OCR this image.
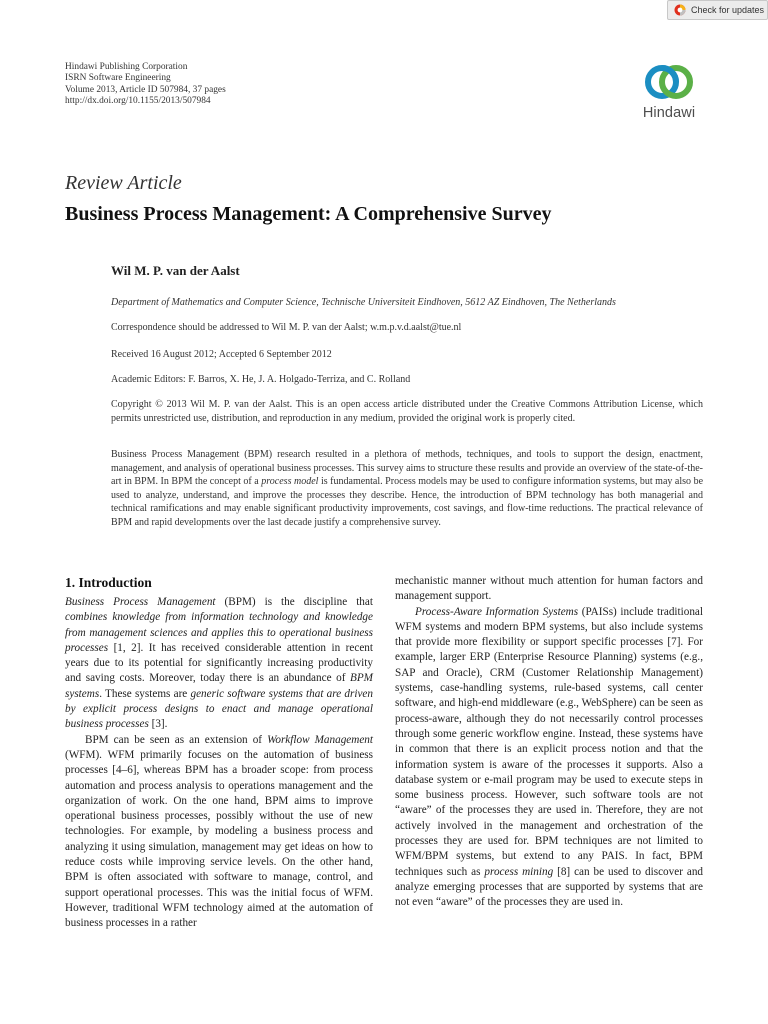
Check for updates
Hindawi Publishing Corporation
ISRN Software Engineering
Volume 2013, Article ID 507984, 37 pages
http://dx.doi.org/10.1155/2013/507984
Hindawi
Review Article
Business Process Management: A Comprehensive Survey
Wil M. P. van der Aalst
Department of Mathematics and Computer Science, Technische Universiteit Eindhoven, 5612 AZ Eindhoven, The Netherlands
Correspondence should be addressed to Wil M. P. van der Aalst; w.m.p.v.d.aalst@tue.nl
Received 16 August 2012; Accepted 6 September 2012
Academic Editors: F. Barros, X. He, J. A. Holgado-Terriza, and C. Rolland
Copyright © 2013 Wil M. P. van der Aalst. This is an open access article distributed under the Creative Commons Attribution License, which permits unrestricted use, distribution, and reproduction in any medium, provided the original work is properly cited.
Business Process Management (BPM) research resulted in a plethora of methods, techniques, and tools to support the design, enactment, management, and analysis of operational business processes. This survey aims to structure these results and provide an overview of the state-of-the-art in BPM. In BPM the concept of a process model is fundamental. Process models may be used to configure information systems, but may also be used to analyze, understand, and improve the processes they describe. Hence, the introduction of BPM technology has both managerial and technical ramifications and may enable significant productivity improvements, cost savings, and flow-time reductions. The practical relevance of BPM and rapid developments over the last decade justify a comprehensive survey.
1. Introduction

Business Process Management (BPM) is the discipline that combines knowledge from information technology and knowledge from management sciences and applies this to operational business processes [1, 2]. It has received considerable attention in recent years due to its potential for significantly increasing productivity and saving costs. Moreover, today there is an abundance of BPM systems. These systems are generic software systems that are driven by explicit process designs to enact and manage operational business processes [3].

BPM can be seen as an extension of Workflow Management (WFM). WFM primarily focuses on the automation of business processes [4–6], whereas BPM has a broader scope: from process automation and process analysis to operations management and the organization of work. On the one hand, BPM aims to improve operational business processes, possibly without the use of new technologies. For example, by modeling a business process and analyzing it using simulation, management may get ideas on how to reduce costs while improving service levels. On the other hand, BPM is often associated with software to manage, control, and support operational processes. This was the initial focus of WFM. However, traditional WFM technology aimed at the automation of business processes in a rather

mechanistic manner without much attention for human factors and management support.

Process-Aware Information Systems (PAISs) include traditional WFM systems and modern BPM systems, but also include systems that provide more flexibility or support specific processes [7]. For example, larger ERP (Enterprise Resource Planning) systems (e.g., SAP and Oracle), CRM (Customer Relationship Management) systems, case-handling systems, rule-based systems, call center software, and high-end middleware (e.g., WebSphere) can be seen as process-aware, although they do not necessarily control processes through some generic workflow engine. Instead, these systems have in common that there is an explicit process notion and that the information system is aware of the processes it supports. Also a database system or e-mail program may be used to execute steps in some business process. However, such software tools are not “aware” of the processes they are used in. Therefore, they are not actively involved in the management and orchestration of the processes they are used for. BPM techniques are not limited to WFM/BPM systems, but extend to any PAIS. In fact, BPM techniques such as process mining [8] can be used to discover and analyze emerging processes that are supported by systems that are not even “aware” of the processes they are used in.
